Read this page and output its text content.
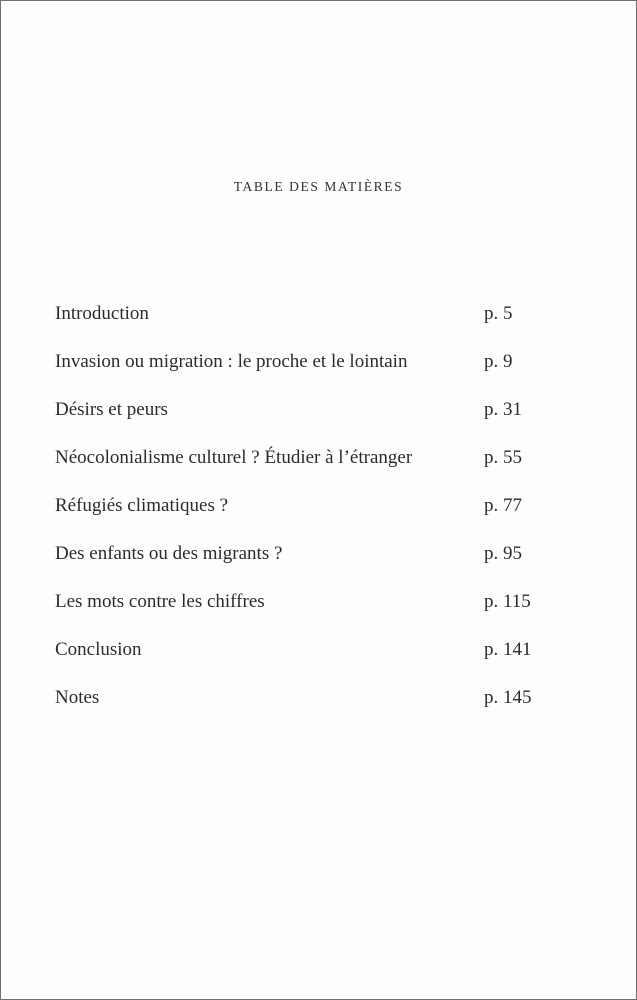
TABLE DES MATIÈRES
Introduction	p. 5
Invasion ou migration : le proche et le lointain	p. 9
Désirs et peurs	p. 31
Néocolonialisme culturel ? Étudier à l’étranger	p. 55
Réfugiés climatiques ?	p. 77
Des enfants ou des migrants ?	p. 95
Les mots contre les chiffres	p. 115
Conclusion	p. 141
Notes	p. 145
